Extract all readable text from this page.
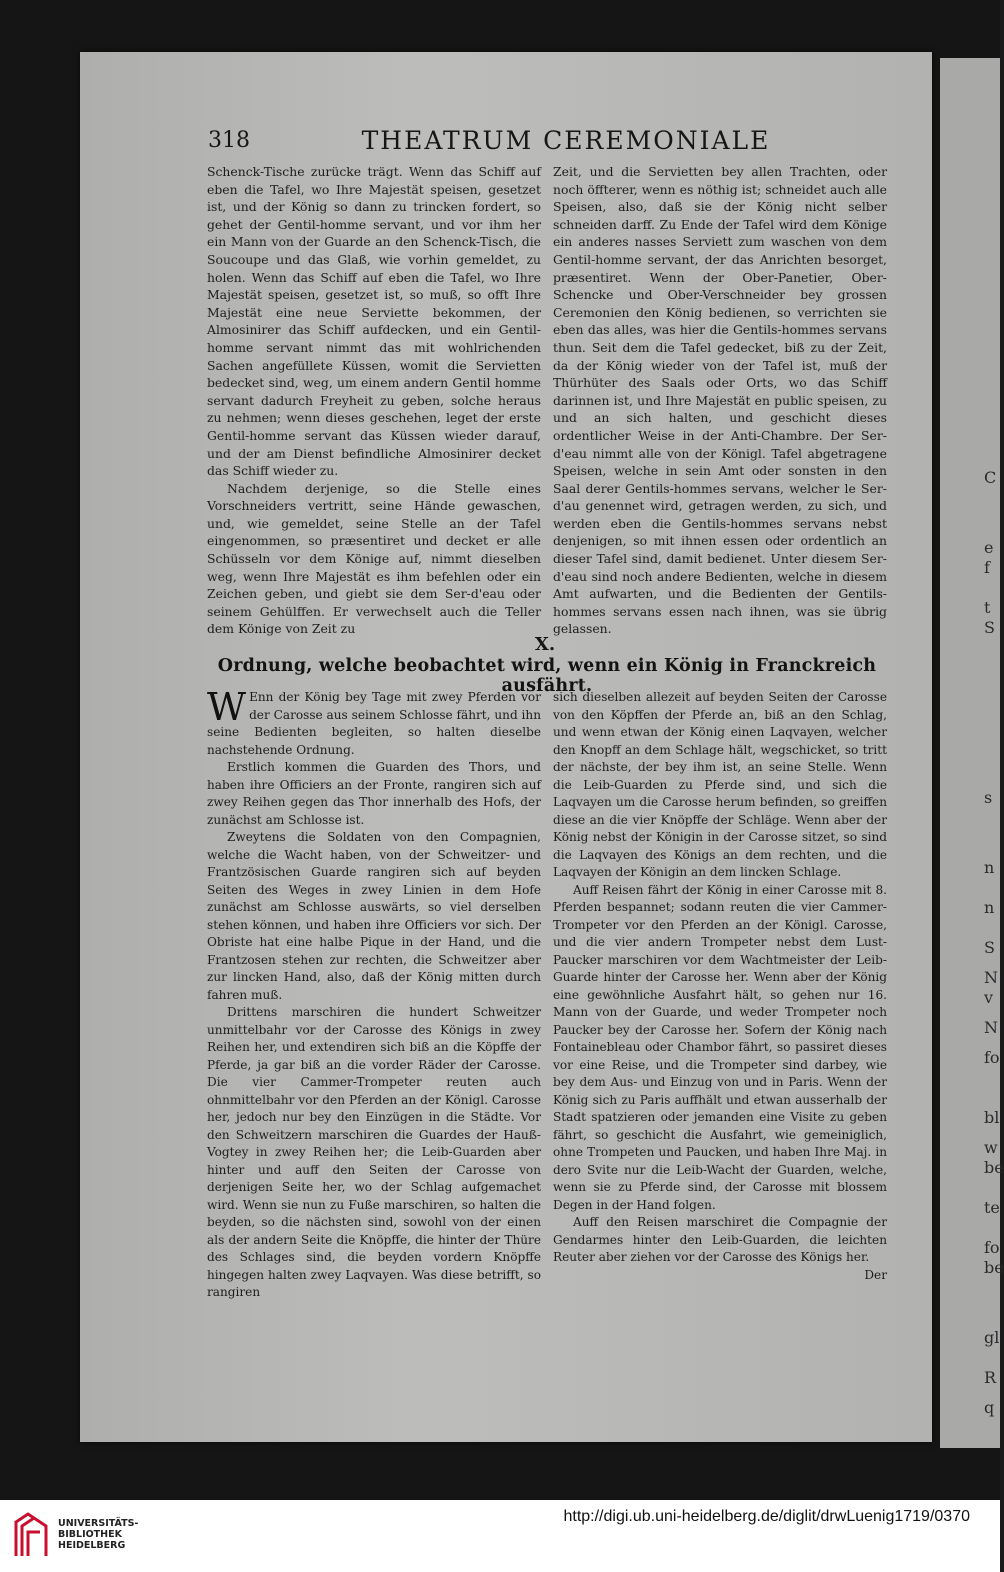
C
e
f
t
S
s
n
n
S
N
v
N
fo
bl
w
be
te
fo
be
gl
R
q
318	THEATRUM CEREMONIALE

Schenck-Tische zurücke trägt. Wenn das Schiff auf eben die Tafel, wo Ihre Majestät speisen, gesetzet ist, und der König so dann zu trincken fordert, so gehet der Gentil-homme servant, und vor ihm her ein Mann von der Guarde an den Schenck-Tisch, die Soucoupe und das Glaß, wie vorhin gemeldet, zu holen. Wenn das Schiff auf eben die Tafel, wo Ihre Majestät speisen, gesetzet ist, so muß, so offt Ihre Majestät eine neue Serviette bekommen, der Almosinirer das Schiff aufdecken, und ein Gentil-homme servant nimmt das mit wohlrichenden Sachen angefüllete Küssen, womit die Servietten bedecket sind, weg, um einem andern Gentil homme servant dadurch Freyheit zu geben, solche heraus zu nehmen; wenn dieses geschehen, leget der erste Gentil-homme servant das Küssen wieder darauf, und der am Dienst befindliche Almosinirer decket das Schiff wieder zu.

Nachdem derjenige, so die Stelle eines Vorschneiders vertritt, seine Hände gewaschen, und, wie gemeldet, seine Stelle an der Tafel eingenommen, so præsentiret und decket er alle Schüsseln vor dem Könige auf, nimmt dieselben weg, wenn Ihre Majestät es ihm befehlen oder ein Zeichen geben, und giebt sie dem Ser-d'eau oder seinem Gehülffen. Er verwechselt auch die Teller dem Könige von Zeit zu

Zeit, und die Servietten bey allen Trachten, oder noch öffterer, wenn es nöthig ist; schneidet auch alle Speisen, also, daß sie der König nicht selber schneiden darff. Zu Ende der Tafel wird dem Könige ein anderes nasses Serviett zum waschen von dem Gentil-homme servant, der das Anrichten besorget, præsentiret. Wenn der Ober-Panetier, Ober-Schencke und Ober-Verschneider bey grossen Ceremonien den König bedienen, so verrichten sie eben das alles, was hier die Gentils-hommes servans thun. Seit dem die Tafel gedecket, biß zu der Zeit, da der König wieder von der Tafel ist, muß der Thürhüter des Saals oder Orts, wo das Schiff darinnen ist, und Ihre Majestät en public speisen, zu und an sich halten, und geschicht dieses ordentlicher Weise in der Anti-Chambre. Der Ser-d'eau nimmt alle von der Königl. Tafel abgetragene Speisen, welche in sein Amt oder sonsten in den Saal derer Gentils-hommes servans, welcher le Ser-d'au genennet wird, getragen werden, zu sich, und werden eben die Gentils-hommes servans nebst denjenigen, so mit ihnen essen oder ordentlich an dieser Tafel sind, damit bedienet. Unter diesem Ser-d'eau sind noch andere Bedienten, welche in diesem Amt aufwarten, und die Bedienten der Gentils-hommes servans essen nach ihnen, was sie übrig gelassen.

X.
Ordnung, welche beobachtet wird, wenn ein König in Franckreich ausfährt.

W Enn der König bey Tage mit zwey Pferden vor der Carosse aus seinem Schlosse fährt, und ihn seine Bedienten begleiten, so halten dieselbe nachstehende Ordnung.

Erstlich kommen die Guarden des Thors, und haben ihre Officiers an der Fronte, rangiren sich auf zwey Reihen gegen das Thor innerhalb des Hofs, der zunächst am Schlosse ist.

Zweytens die Soldaten von den Compagnien, welche die Wacht haben, von der Schweitzer- und Frantzösischen Guarde rangiren sich auf beyden Seiten des Weges in zwey Linien in dem Hofe zunächst am Schlosse auswärts, so viel derselben stehen können, und haben ihre Officiers vor sich. Der Obriste hat eine halbe Pique in der Hand, und die Frantzosen stehen zur rechten, die Schweitzer aber zur lincken Hand, also, daß der König mitten durch fahren muß.

Drittens marschiren die hundert Schweitzer unmittelbahr vor der Carosse des Königs in zwey Reihen her, und extendiren sich biß an die Köpffe der Pferde, ja gar biß an die vorder Räder der Carosse. Die vier Cammer-Trompeter reuten auch ohnmittelbahr vor den Pferden an der Königl. Carosse her, jedoch nur bey den Einzügen in die Städte. Vor den Schweitzern marschiren die Guardes der Hauß-Vogtey in zwey Reihen her; die Leib-Guarden aber hinter und auff den Seiten der Carosse von derjenigen Seite her, wo der Schlag aufgemachet wird. Wenn sie nun zu Fuße marschiren, so halten die beyden, so die nächsten sind, sowohl von der einen als der andern Seite die Knöpffe, die hinter der Thüre des Schlages sind, die beyden vordern Knöpffe hingegen halten zwey Laqvayen. Was diese betrifft, so rangiren

sich dieselben allezeit auf beyden Seiten der Carosse von den Köpffen der Pferde an, biß an den Schlag, und wenn etwan der König einen Laqvayen, welcher den Knopff an dem Schlage hält, wegschicket, so tritt der nächste, der bey ihm ist, an seine Stelle. Wenn die Leib-Guarden zu Pferde sind, und sich die Laqvayen um die Carosse herum befinden, so greiffen diese an die vier Knöpffe der Schläge. Wenn aber der König nebst der Königin in der Carosse sitzet, so sind die Laqvayen des Königs an dem rechten, und die Laqvayen der Königin an dem lincken Schlage.

Auff Reisen fährt der König in einer Carosse mit 8. Pferden bespannet; sodann reuten die vier Cammer-Trompeter vor den Pferden an der Königl. Carosse, und die vier andern Trompeter nebst dem Lust-Paucker marschiren vor dem Wachtmeister der Leib-Guarde hinter der Carosse her. Wenn aber der König eine gewöhnliche Ausfahrt hält, so gehen nur 16. Mann von der Guarde, und weder Trompeter noch Paucker bey der Carosse her. Sofern der König nach Fontainebleau oder Chambor fährt, so passiret dieses vor eine Reise, und die Trompeter sind darbey, wie bey dem Aus- und Einzug von und in Paris. Wenn der König sich zu Paris auffhält und etwan ausserhalb der Stadt spatzieren oder jemanden eine Visite zu geben fährt, so geschicht die Ausfahrt, wie gemeiniglich, ohne Trompeten und Paucken, und haben Ihre Maj. in dero Svite nur die Leib-Wacht der Guarden, welche, wenn sie zu Pferde sind, der Carosse mit blossem Degen in der Hand folgen.

Auff den Reisen marschiret die Compagnie der Gendarmes hinter den Leib-Guarden, die leichten Reuter aber ziehen vor der Carosse des Königs her.

Der

UNIVERSITÄTS-
BIBLIOTHEK
HEIDELBERG
http://digi.ub.uni-heidelberg.de/diglit/drwLuenig1719/0370
